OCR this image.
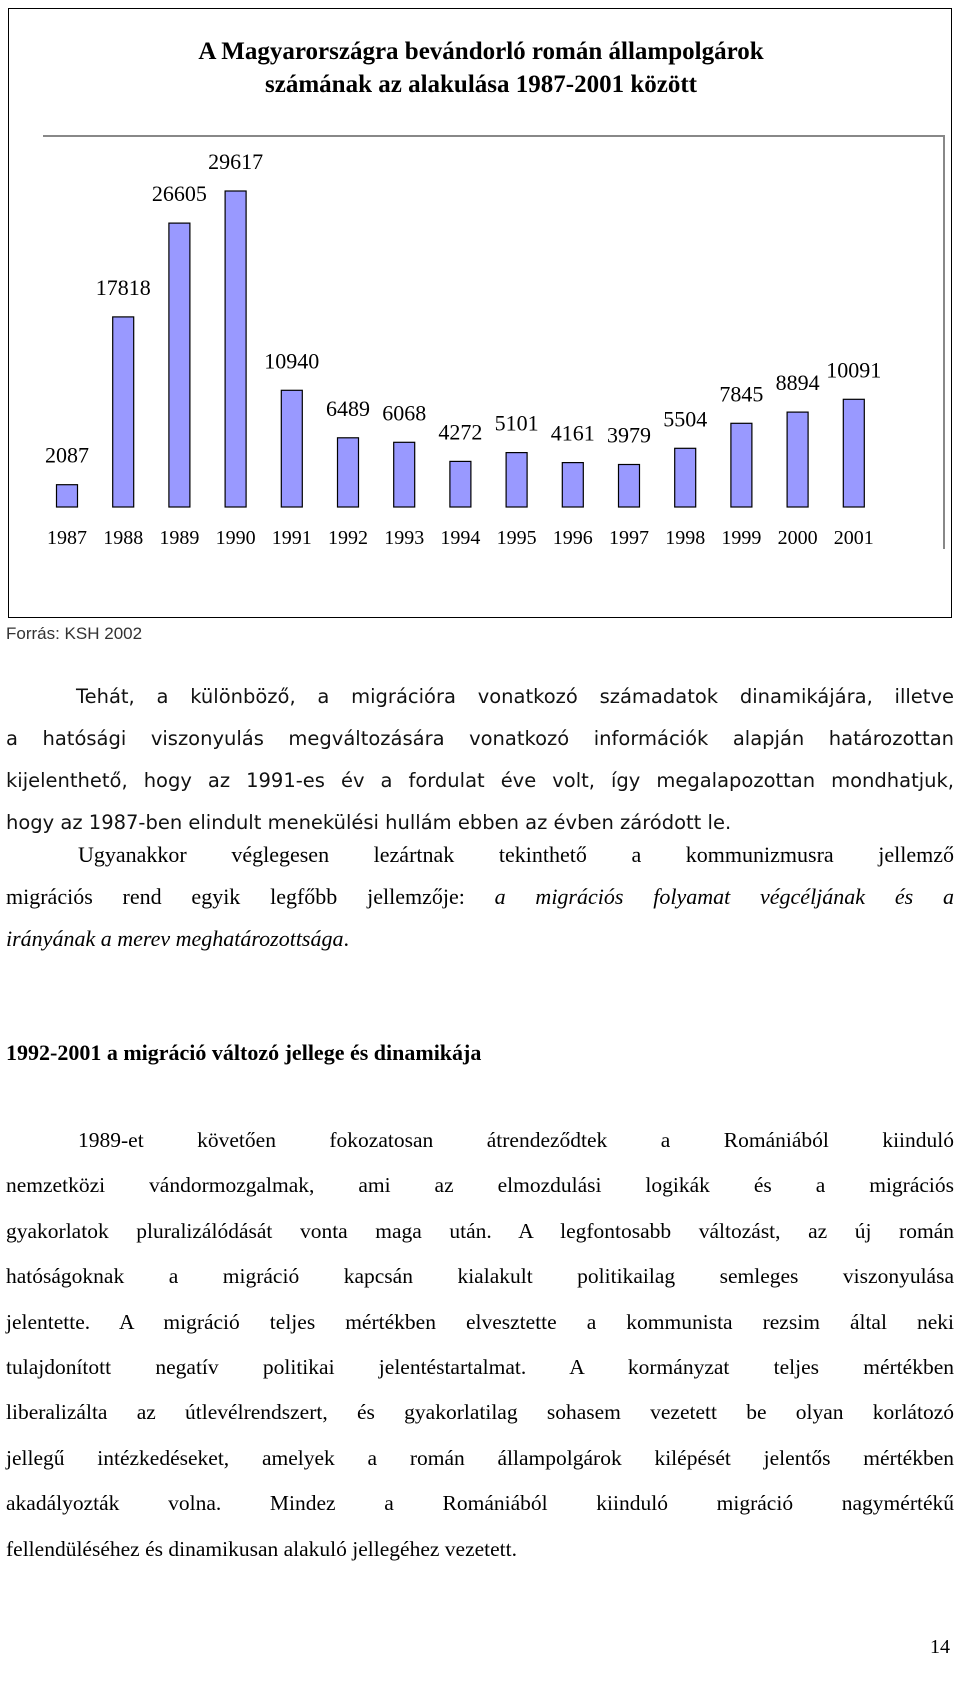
A Magyarországra bevándorló román állampolgárok
számának az alakulása 1987-2001 között
2087
1987
17818
1988
26605
1989
29617
1990
10940
1991
6489
1992
6068
1993
4272
1994
5101
1995
4161
1996
3979
1997
5504
1998
7845
1999
8894
2000
10091
2001
Forrás: KSH 2002
Tehát, a különböző, a migrációra vonatkozó számadatok dinamikájára, illetve
a hatósági viszonyulás megváltozására vonatkozó információk alapján határozottan
kijelenthető, hogy az 1991-es év a fordulat éve volt, így megalapozottan mondhatjuk,
hogy az 1987-ben elindult menekülési hullám ebben az évben záródott le.
Ugyanakkor véglegesen lezártnak tekinthető a kommunizmusra jellemző
migrációs rend egyik legfőbb jellemzője: a migrációs folyamat végcéljának és a
irányának a merev meghatározottsága.
1992-2001 a migráció változó jellege és dinamikája
1989-et követően fokozatosan átrendeződtek a Romániából kiinduló
nemzetközi vándormozgalmak, ami az elmozdulási logikák és a migrációs
gyakorlatok pluralizálódását vonta maga után. A legfontosabb változást, az új román
hatóságoknak a migráció kapcsán kialakult politikailag semleges viszonyulása
jelentette. A migráció teljes mértékben elvesztette a kommunista rezsim által neki
tulajdonított negatív politikai jelentéstartalmat. A kormányzat teljes mértékben
liberalizálta az útlevélrendszert, és gyakorlatilag sohasem vezetett be olyan korlátozó
jellegű intézkedéseket, amelyek a román állampolgárok kilépését jelentős mértékben
akadályozták volna. Mindez a Romániából kiinduló migráció nagymértékű
fellendüléséhez és dinamikusan alakuló jellegéhez vezetett.
14
